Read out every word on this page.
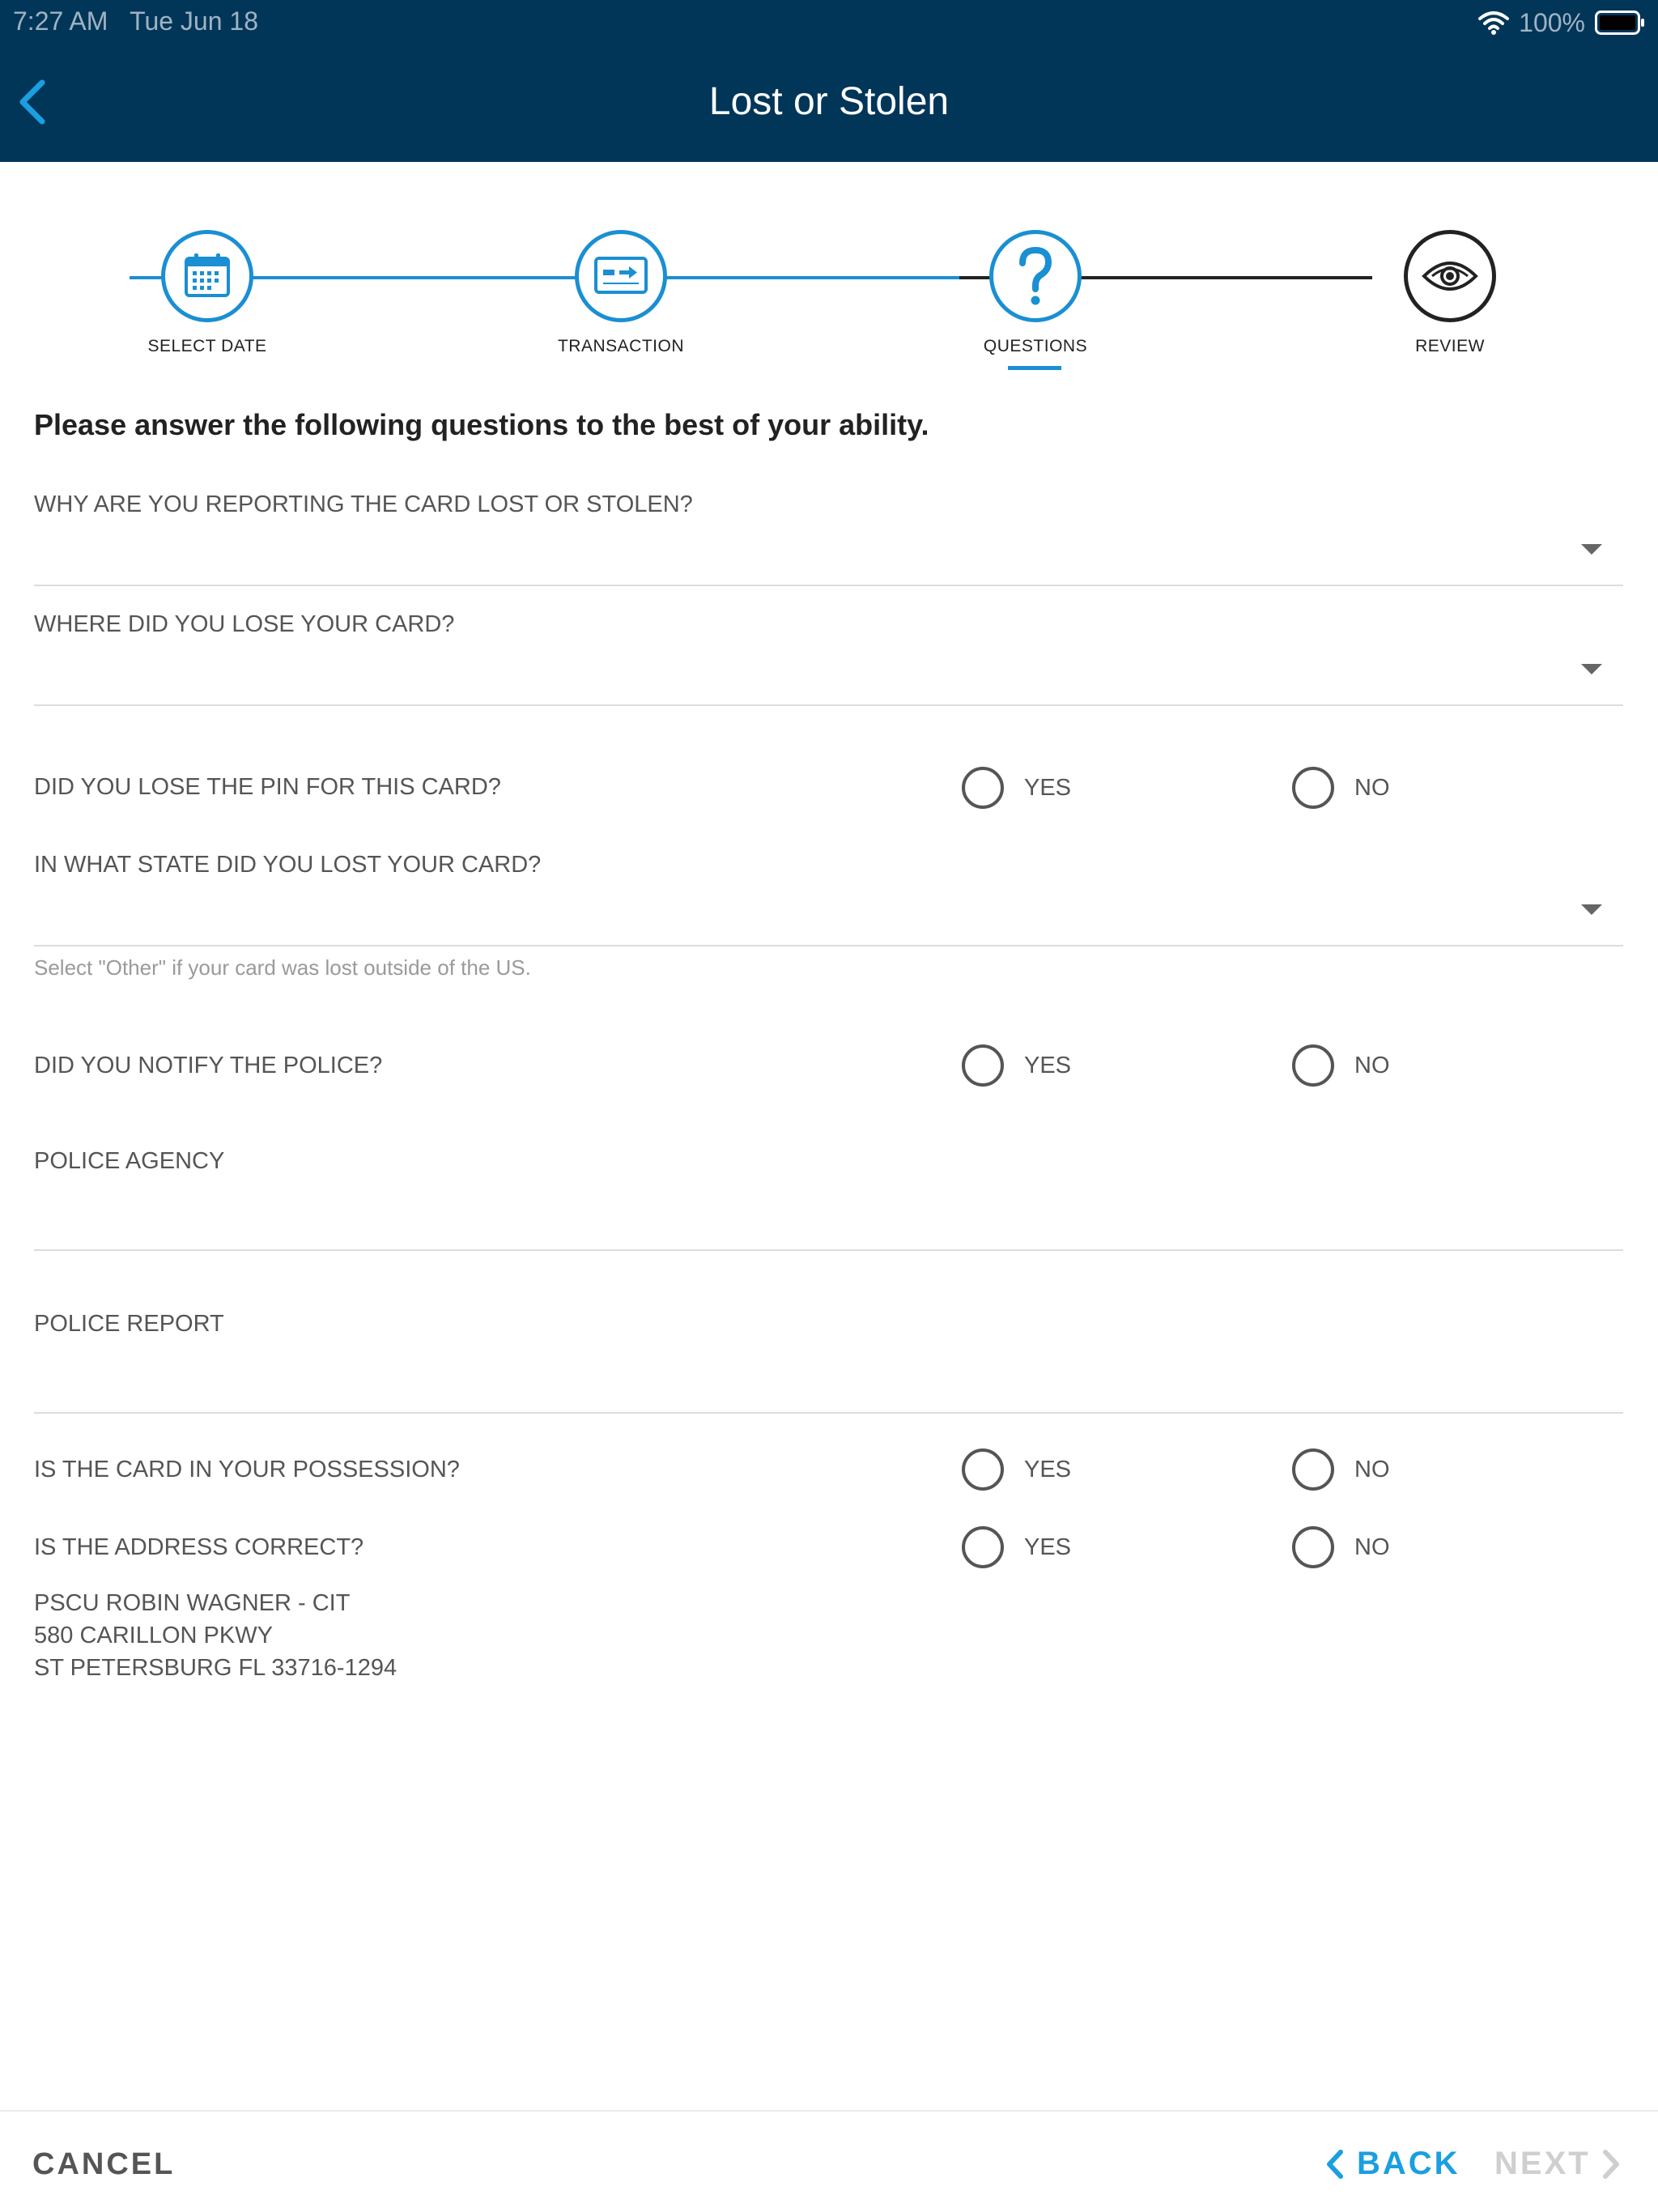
7:27 AM Tue Jun 18	100%
Lost or Stolen
SELECT DATE	TRANSACTION	QUESTIONS	REVIEW
Please answer the following questions to the best of your ability.
WHY ARE YOU REPORTING THE CARD LOST OR STOLEN?
WHERE DID YOU LOSE YOUR CARD?
DID YOU LOSE THE PIN FOR THIS CARD?	YES	NO
IN WHAT STATE DID YOU LOST YOUR CARD?
Select "Other" if your card was lost outside of the US.
DID YOU NOTIFY THE POLICE?	YES	NO
POLICE AGENCY
POLICE REPORT
IS THE CARD IN YOUR POSSESSION?	YES	NO
IS THE ADDRESS CORRECT?	YES	NO
PSCU ROBIN WAGNER - CIT
580 CARILLON PKWY
ST PETERSBURG FL 33716-1294
CANCEL	BACK NEXT
